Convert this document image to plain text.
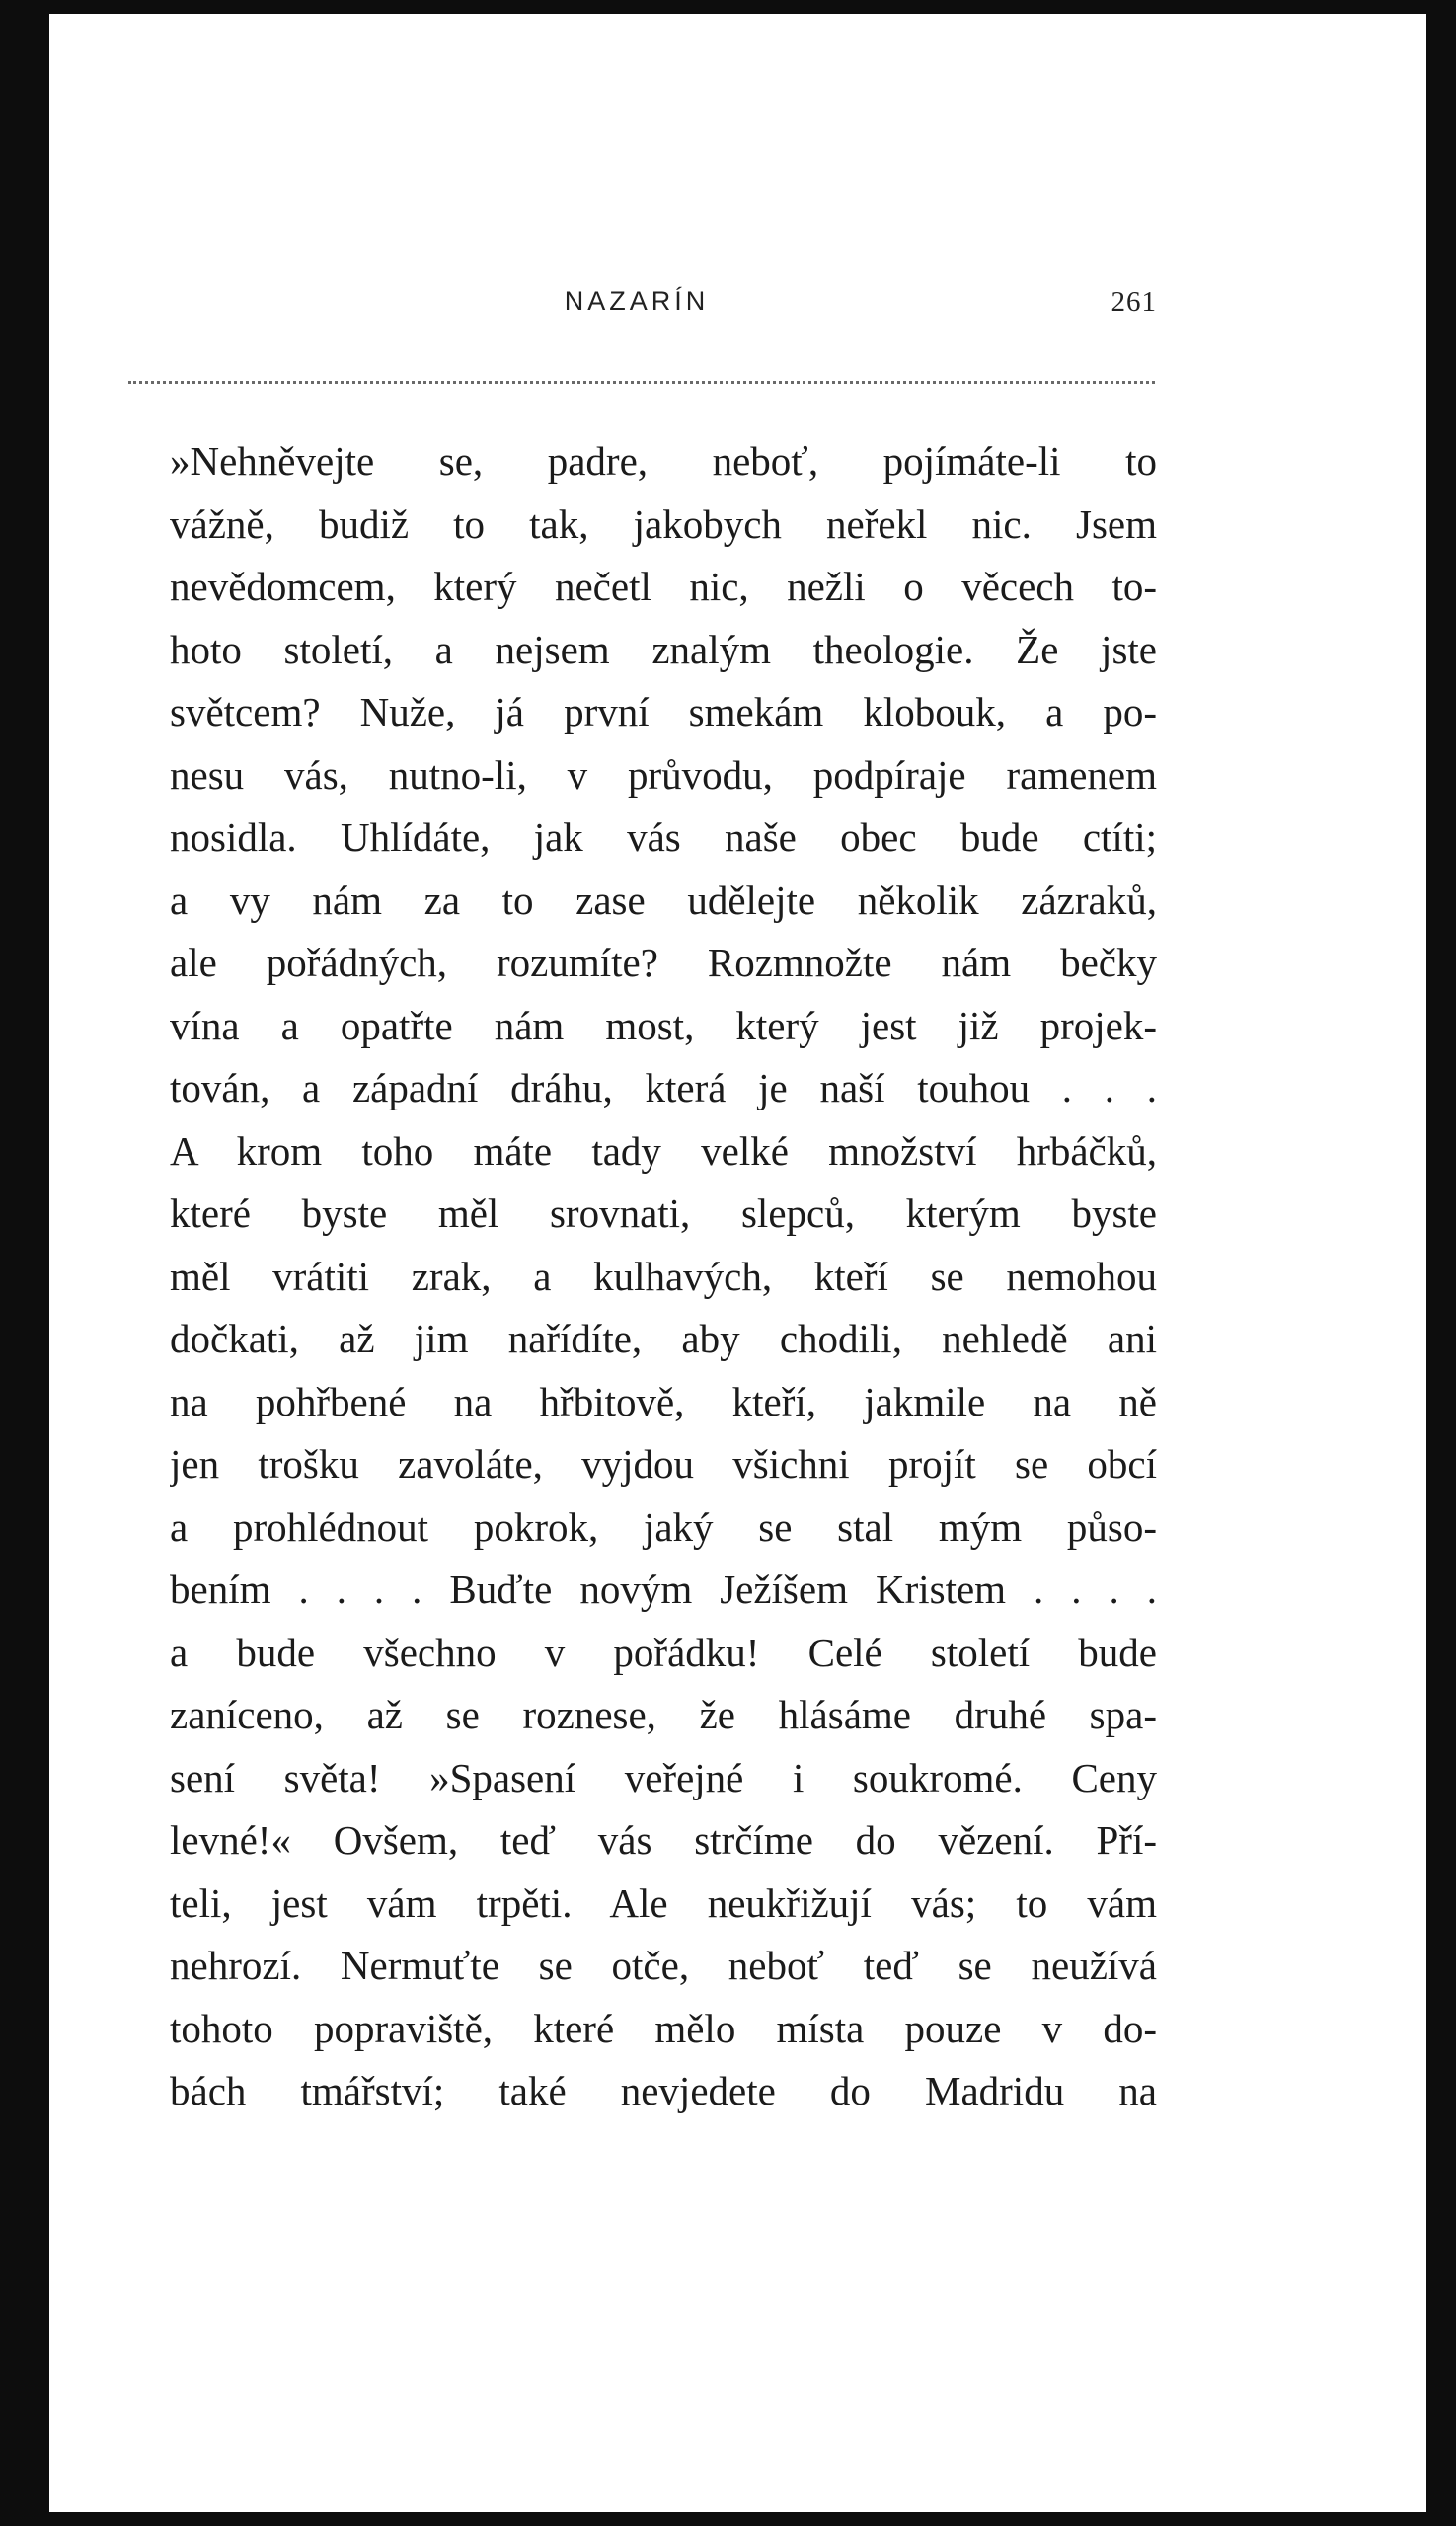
NAZARÍN	261
»Nehněvejte se, padre, neboť, pojímáte-li to
vážně, budiž to tak, jakobych neřekl nic. Jsem
nevědomcem, který nečetl nic, nežli o věcech to-
hoto století, a nejsem znalým theologie. Že jste
světcem? Nuže, já první smekám klobouk, a po-
nesu vás, nutno-li, v průvodu, podpíraje ramenem
nosidla. Uhlídáte, jak vás naše obec bude ctíti;
a vy nám za to zase udělejte několik zázraků,
ale pořádných, rozumíte? Rozmnožte nám bečky
vína a opatřte nám most, který jest již projek-
tován, a západní dráhu, která je naší touhou . . .
A krom toho máte tady velké množství hrbáčků,
které byste měl srovnati, slepců, kterým byste
měl vrátiti zrak, a kulhavých, kteří se nemohou
dočkati, až jim nařídíte, aby chodili, nehledě ani
na pohřbené na hřbitově, kteří, jakmile na ně
jen trošku zavoláte, vyjdou všichni projít se obcí
a prohlédnout pokrok, jaký se stal mým půso-
bením . . . . Buďte novým Ježíšem Kristem . . . .
a bude všechno v pořádku! Celé století bude
zaníceno, až se roznese, že hlásáme druhé spa-
sení světa! »Spasení veřejné i soukromé. Ceny
levné!« Ovšem, teď vás strčíme do vězení. Pří-
teli, jest vám trpěti. Ale neukřižují vás; to vám
nehrozí. Nermuťte se otče, neboť teď se neužívá
tohoto popraviště, které mělo místa pouze v do-
bách tmářství; také nevjedete do Madridu na
